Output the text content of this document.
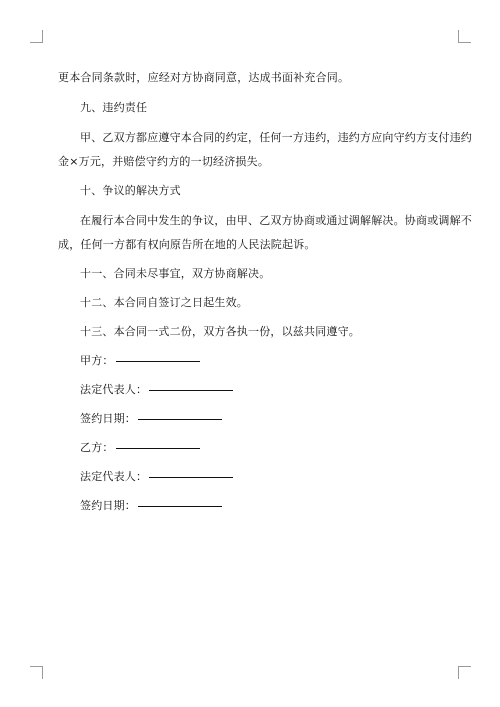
更本合同条款时，应经对方协商同意，达成书面补充合同。
九、违约责任
甲、乙双方都应遵守本合同的约定，任何一方违约，违约方应向守约方支付违约
金×万元，并赔偿守约方的一切经济损失。
十、争议的解决方式
在履行本合同中发生的争议，由甲、乙双方协商或通过调解解决。协商或调解不
成，任何一方都有权向原告所在地的人民法院起诉。
十一、合同未尽事宜，双方协商解决。
十二、本合同自签订之日起生效。
十三、本合同一式二份，双方各执一份，以兹共同遵守。
甲方：
法定代表人：
签约日期：
乙方：
法定代表人：
签约日期：
